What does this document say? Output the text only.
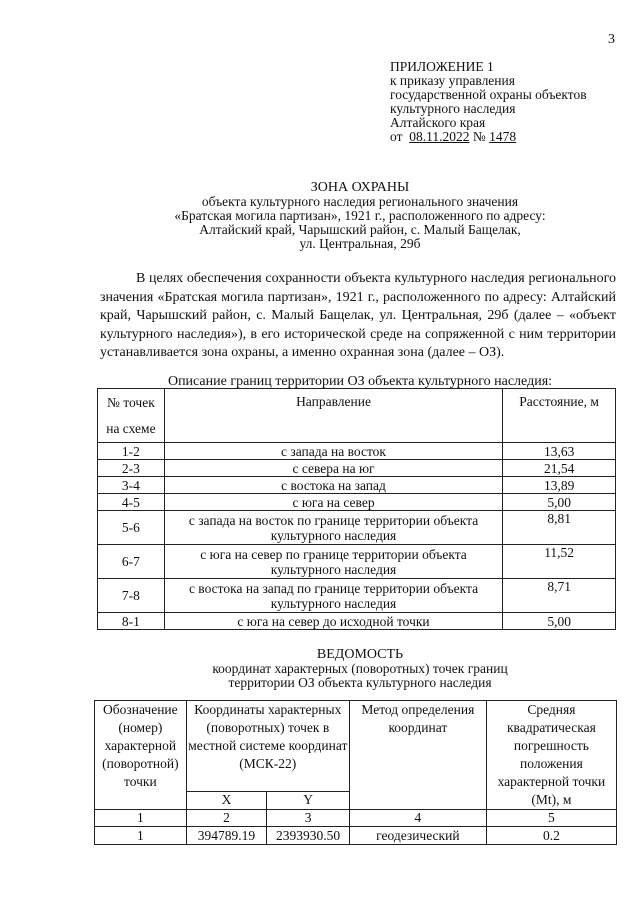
3
ПРИЛОЖЕНИЕ 1
к приказу управления
государственной охраны объектов
культурного наследия
Алтайского края
от 08.11.2022 № 1478
ЗОНА ОХРАНЫ
объекта культурного наследия регионального значения
«Братская могила партизан», 1921 г., расположенного по адресу:
Алтайский край, Чарышский район, с. Малый Бащелак,
ул. Центральная, 29б

В целях обеспечения сохранности объекта культурного наследия регионального значения «Братская могила партизан», 1921 г., расположенного по адресу: Алтайский край, Чарышский район, с. Малый Бащелак, ул. Центральная, 29б (далее – «объект культурного наследия»), в его исторической среде на сопряженной с ним территории устанавливается зона охраны, а именно охранная зона (далее – ОЗ).

Описание границ территории ОЗ объекта культурного наследия:
№ точек
на схеме	Направление	Расстояние, м
1-2	с запада на восток	13,63
2-3	с севера на юг	21,54
3-4	с востока на запад	13,89
4-5	с юга на север	5,00
5-6	с запада на восток по границе территории объекта культурного наследия	8,81
6-7	с юга на север по границе территории объекта культурного наследия	11,52
7-8	с востока на запад по границе территории объекта культурного наследия	8,71
8-1	с юга на север до исходной точки	5,00
ВЕДОМОСТЬ
координат характерных (поворотных) точек границ
территории ОЗ объекта культурного наследия
Обозначение (номер) характерной (поворотной) точки	Координаты характерных (поворотных) точек в местной системе координат (МСК-22)		Метод определения координат	Средняя квадратическая погрешность положения характерной точки (Mt), м
	X	Y		
1	2	3	4	5
1	394789.19	2393930.50	геодезический	0.2
